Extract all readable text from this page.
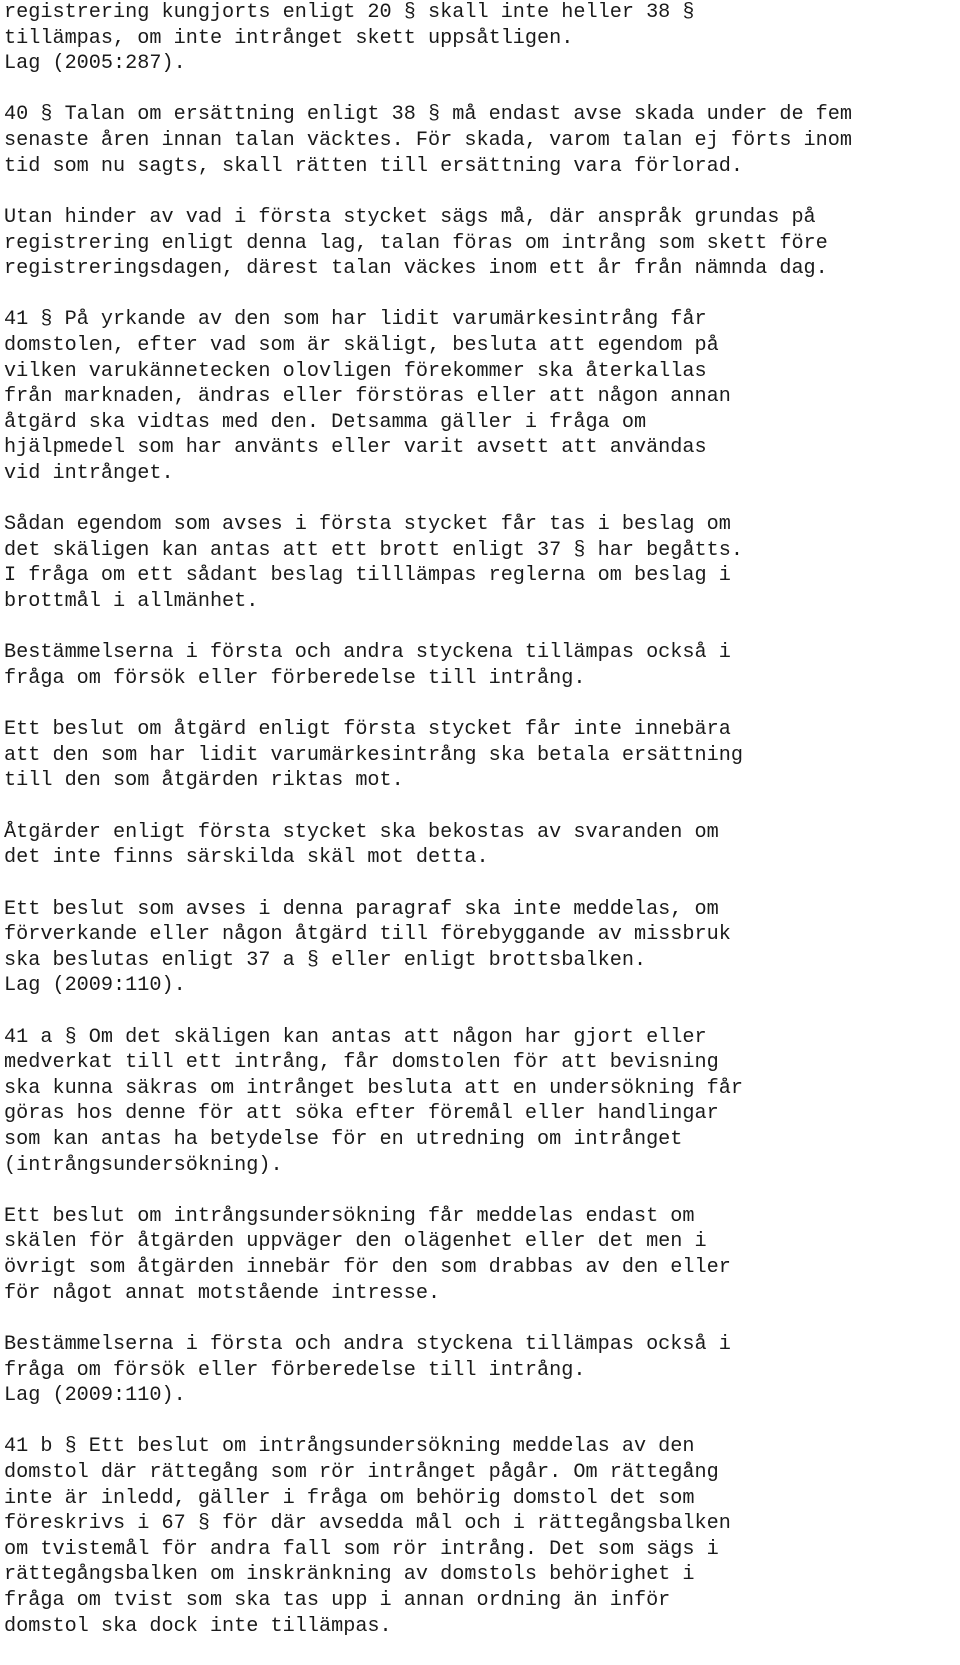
registrering kungjorts enligt 20 § skall inte heller 38 §
tillämpas, om inte intrånget skett uppsåtligen.
Lag (2005:287).
40 § Talan om ersättning enligt 38 § må endast avse skada under de fem
senaste åren innan talan väcktes. För skada, varom talan ej förts inom
tid som nu sagts, skall rätten till ersättning vara förlorad.
Utan hinder av vad i första stycket sägs må, där anspråk grundas på
registrering enligt denna lag, talan föras om intrång som skett före
registreringsdagen, därest talan väckes inom ett år från nämnda dag.
41 § På yrkande av den som har lidit varumärkesintrång får
domstolen, efter vad som är skäligt, besluta att egendom på
vilken varukännetecken olovligen förekommer ska återkallas
från marknaden, ändras eller förstöras eller att någon annan
åtgärd ska vidtas med den. Detsamma gäller i fråga om
hjälpmedel som har använts eller varit avsett att användas
vid intrånget.
Sådan egendom som avses i första stycket får tas i beslag om
det skäligen kan antas att ett brott enligt 37 § har begåtts.
I fråga om ett sådant beslag tilllämpas reglerna om beslag i
brottmål i allmänhet.
Bestämmelserna i första och andra styckena tillämpas också i
fråga om försök eller förberedelse till intrång.
Ett beslut om åtgärd enligt första stycket får inte innebära
att den som har lidit varumärkesintrång ska betala ersättning
till den som åtgärden riktas mot.
Åtgärder enligt första stycket ska bekostas av svaranden om
det inte finns särskilda skäl mot detta.
Ett beslut som avses i denna paragraf ska inte meddelas, om
förverkande eller någon åtgärd till förebyggande av missbruk
ska beslutas enligt 37 a § eller enligt brottsbalken.
Lag (2009:110).
41 a § Om det skäligen kan antas att någon har gjort eller
medverkat till ett intrång, får domstolen för att bevisning
ska kunna säkras om intrånget besluta att en undersökning får
göras hos denne för att söka efter föremål eller handlingar
som kan antas ha betydelse för en utredning om intrånget
(intrångsundersökning).
Ett beslut om intrångsundersökning får meddelas endast om
skälen för åtgärden uppväger den olägenhet eller det men i
övrigt som åtgärden innebär för den som drabbas av den eller
för något annat motstående intresse.
Bestämmelserna i första och andra styckena tillämpas också i
fråga om försök eller förberedelse till intrång.
Lag (2009:110).
41 b § Ett beslut om intrångsundersökning meddelas av den
domstol där rättegång som rör intrånget pågår. Om rättegång
inte är inledd, gäller i fråga om behörig domstol det som
föreskrivs i 67 § för där avsedda mål och i rättegångsbalken
om tvistemål för andra fall som rör intrång. Det som sägs i
rättegångsbalken om inskränkning av domstols behörighet i
fråga om tvist som ska tas upp i annan ordning än inför
domstol ska dock inte tillämpas.
